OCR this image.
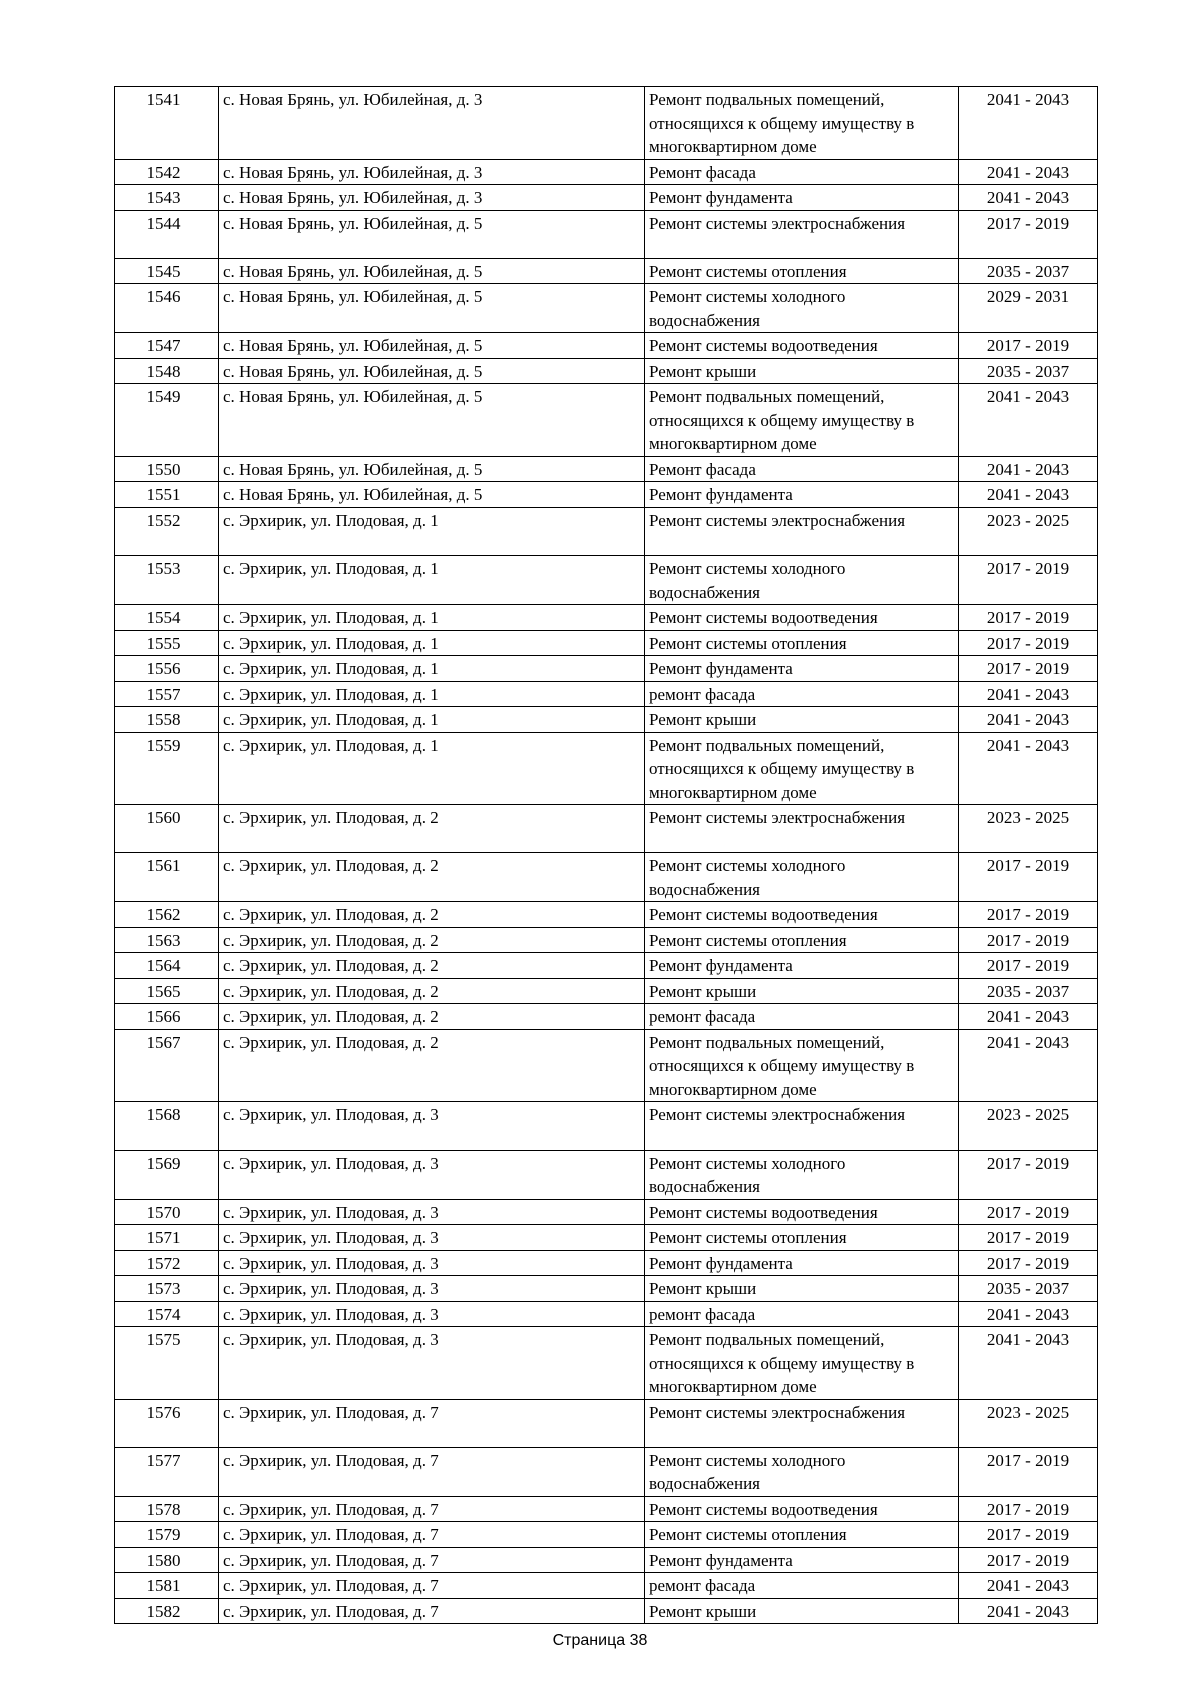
1541	с. Новая Брянь, ул. Юбилейная, д. 3	Ремонт подвальных помещений, относящихся к общему имуществу в многоквартирном доме	2041 - 2043
1542	с. Новая Брянь, ул. Юбилейная, д. 3	Ремонт фасада	2041 - 2043
1543	с. Новая Брянь, ул. Юбилейная, д. 3	Ремонт фундамента	2041 - 2043
1544	с. Новая Брянь, ул. Юбилейная, д. 5	Ремонт системы электроснабжения	2017 - 2019
1545	с. Новая Брянь, ул. Юбилейная, д. 5	Ремонт системы отопления	2035 - 2037
1546	с. Новая Брянь, ул. Юбилейная, д. 5	Ремонт системы холодного водоснабжения	2029 - 2031
1547	с. Новая Брянь, ул. Юбилейная, д. 5	Ремонт системы водоотведения	2017 - 2019
1548	с. Новая Брянь, ул. Юбилейная, д. 5	Ремонт крыши	2035 - 2037
1549	с. Новая Брянь, ул. Юбилейная, д. 5	Ремонт подвальных помещений, относящихся к общему имуществу в многоквартирном доме	2041 - 2043
1550	с. Новая Брянь, ул. Юбилейная, д. 5	Ремонт фасада	2041 - 2043
1551	с. Новая Брянь, ул. Юбилейная, д. 5	Ремонт фундамента	2041 - 2043
1552	с. Эрхирик, ул. Плодовая, д. 1	Ремонт системы электроснабжения	2023 - 2025
1553	с. Эрхирик, ул. Плодовая, д. 1	Ремонт системы холодного водоснабжения	2017 - 2019
1554	с. Эрхирик, ул. Плодовая, д. 1	Ремонт системы водоотведения	2017 - 2019
1555	с. Эрхирик, ул. Плодовая, д. 1	Ремонт системы отопления	2017 - 2019
1556	с. Эрхирик, ул. Плодовая, д. 1	Ремонт фундамента	2017 - 2019
1557	с. Эрхирик, ул. Плодовая, д. 1	ремонт фасада	2041 - 2043
1558	с. Эрхирик, ул. Плодовая, д. 1	Ремонт крыши	2041 - 2043
1559	с. Эрхирик, ул. Плодовая, д. 1	Ремонт подвальных помещений, относящихся к общему имуществу в многоквартирном доме	2041 - 2043
1560	с. Эрхирик, ул. Плодовая, д. 2	Ремонт системы электроснабжения	2023 - 2025
1561	с. Эрхирик, ул. Плодовая, д. 2	Ремонт системы холодного водоснабжения	2017 - 2019
1562	с. Эрхирик, ул. Плодовая, д. 2	Ремонт системы водоотведения	2017 - 2019
1563	с. Эрхирик, ул. Плодовая, д. 2	Ремонт системы отопления	2017 - 2019
1564	с. Эрхирик, ул. Плодовая, д. 2	Ремонт фундамента	2017 - 2019
1565	с. Эрхирик, ул. Плодовая, д. 2	Ремонт крыши	2035 - 2037
1566	с. Эрхирик, ул. Плодовая, д. 2	ремонт фасада	2041 - 2043
1567	с. Эрхирик, ул. Плодовая, д. 2	Ремонт подвальных помещений, относящихся к общему имуществу в многоквартирном доме	2041 - 2043
1568	с. Эрхирик, ул. Плодовая, д. 3	Ремонт системы электроснабжения	2023 - 2025
1569	с. Эрхирик, ул. Плодовая, д. 3	Ремонт системы холодного водоснабжения	2017 - 2019
1570	с. Эрхирик, ул. Плодовая, д. 3	Ремонт системы водоотведения	2017 - 2019
1571	с. Эрхирик, ул. Плодовая, д. 3	Ремонт системы отопления	2017 - 2019
1572	с. Эрхирик, ул. Плодовая, д. 3	Ремонт фундамента	2017 - 2019
1573	с. Эрхирик, ул. Плодовая, д. 3	Ремонт крыши	2035 - 2037
1574	с. Эрхирик, ул. Плодовая, д. 3	ремонт фасада	2041 - 2043
1575	с. Эрхирик, ул. Плодовая, д. 3	Ремонт подвальных помещений, относящихся к общему имуществу в многоквартирном доме	2041 - 2043
1576	с. Эрхирик, ул. Плодовая, д. 7	Ремонт системы электроснабжения	2023 - 2025
1577	с. Эрхирик, ул. Плодовая, д. 7	Ремонт системы холодного водоснабжения	2017 - 2019
1578	с. Эрхирик, ул. Плодовая, д. 7	Ремонт системы водоотведения	2017 - 2019
1579	с. Эрхирик, ул. Плодовая, д. 7	Ремонт системы отопления	2017 - 2019
1580	с. Эрхирик, ул. Плодовая, д. 7	Ремонт фундамента	2017 - 2019
1581	с. Эрхирик, ул. Плодовая, д. 7	ремонт фасада	2041 - 2043
1582	с. Эрхирик, ул. Плодовая, д. 7	Ремонт крыши	2041 - 2043
Страница 38
